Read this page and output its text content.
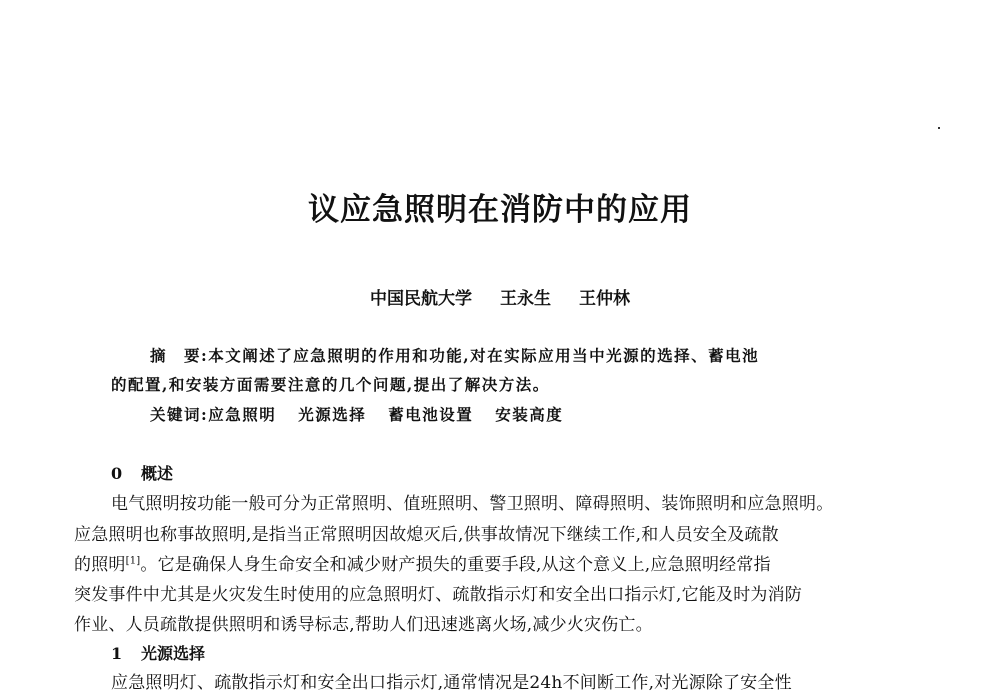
议应急照明在消防中的应用
中国民航大学 王永生 王仲林
摘　要:本文阐述了应急照明的作用和功能,对在实际应用当中光源的选择、蓄电池
的配置,和安装方面需要注意的几个问题,提出了解决方法。
关键词:应急照明 光源选择 蓄电池设置 安装高度
0 概述
电气照明按功能一般可分为正常照明、值班照明、警卫照明、障碍照明、装饰照明和应急照明。
应急照明也称事故照明,是指当正常照明因故熄灭后,供事故情况下继续工作,和人员安全及疏散
的照明[1]。它是确保人身生命安全和减少财产损失的重要手段,从这个意义上,应急照明经常指
突发事件中尤其是火灾发生时使用的应急照明灯、疏散指示灯和安全出口指示灯,它能及时为消防
作业、人员疏散提供照明和诱导标志,帮助人们迅速逃离火场,减少火灾伤亡。
1 光源选择
应急照明灯、疏散指示灯和安全出口指示灯,通常情况是24h不间断工作,对光源除了安全性
